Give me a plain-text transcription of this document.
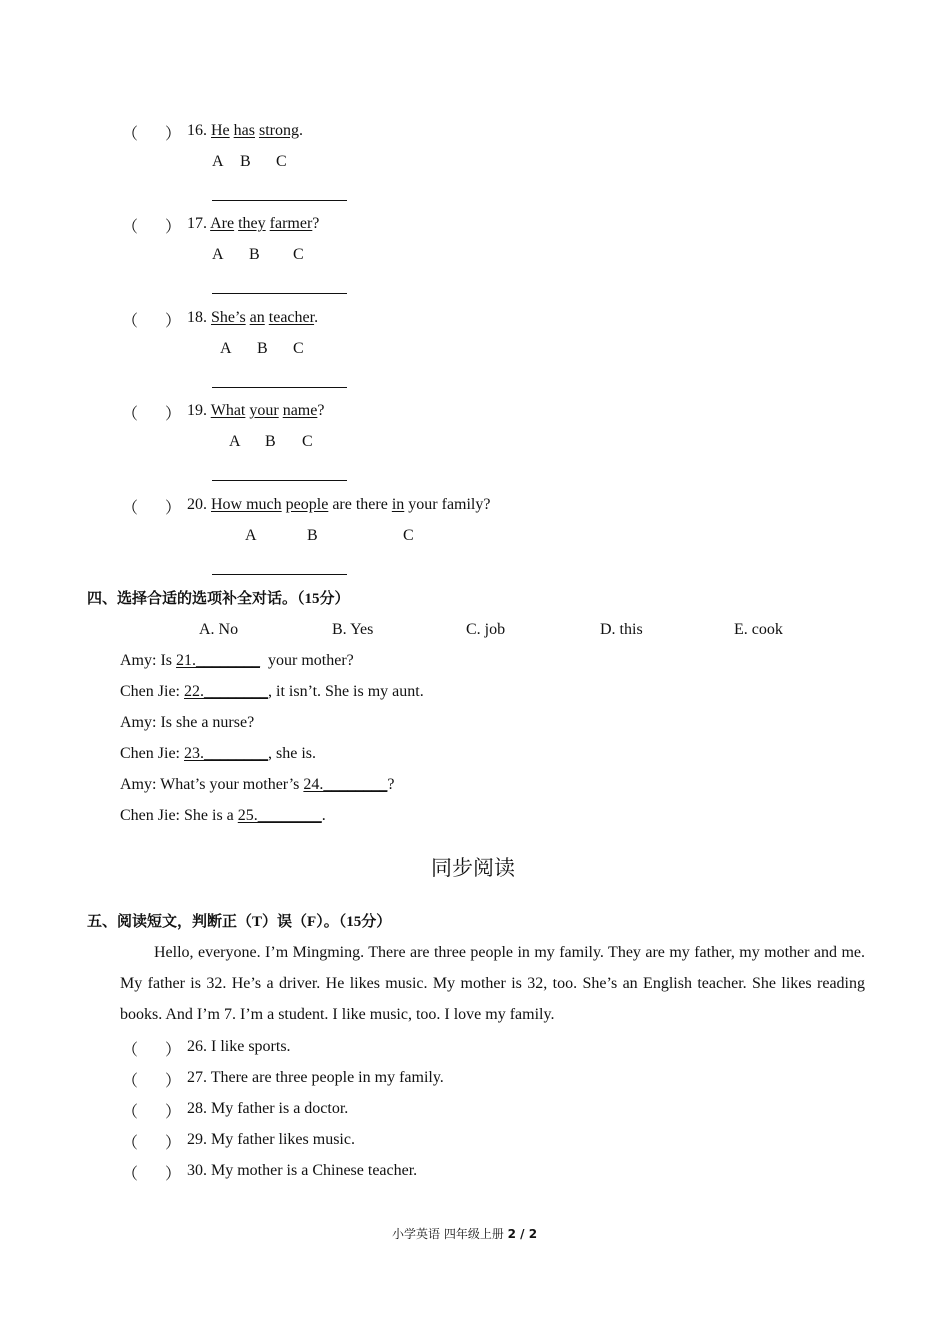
（ ） 16. He has strong.
A B C
（ ） 17. Are they farmer?
A B C
（ ） 18. She’s an teacher.
A B C
（ ） 19. What your name?
A B C
（ ） 20. How much people are there in your family?
A	B	C
四、选择合适的选项补全对话。（15分）
A. No	B. Yes	C. job	D. this	E. cook
Amy: Is 21.________  your mother?
Chen Jie: 22.________, it isn’t. She is my aunt.
Amy: Is she a nurse?
Chen Jie: 23.________, she is.
Amy: What’s your mother’s 24.________?
Chen Jie: She is a 25.________.
同步阅读
五、阅读短文，判断正（T）误（F）。（15分）
Hello, everyone. I’m Mingming. There are three people in my family. They are my father, my mother and me. My father is 32. He’s a driver. He likes music. My mother is 32, too. She’s an English teacher. She likes reading books. And I’m 7. I’m a student. I like music, too. I love my family.
（ ） 26. I like sports.
（ ） 27. There are three people in my family.
（ ） 28. My father is a doctor.
（ ） 29. My father likes music.
（ ） 30. My mother is a Chinese teacher.
小学英语 四年级上册 2 / 2
